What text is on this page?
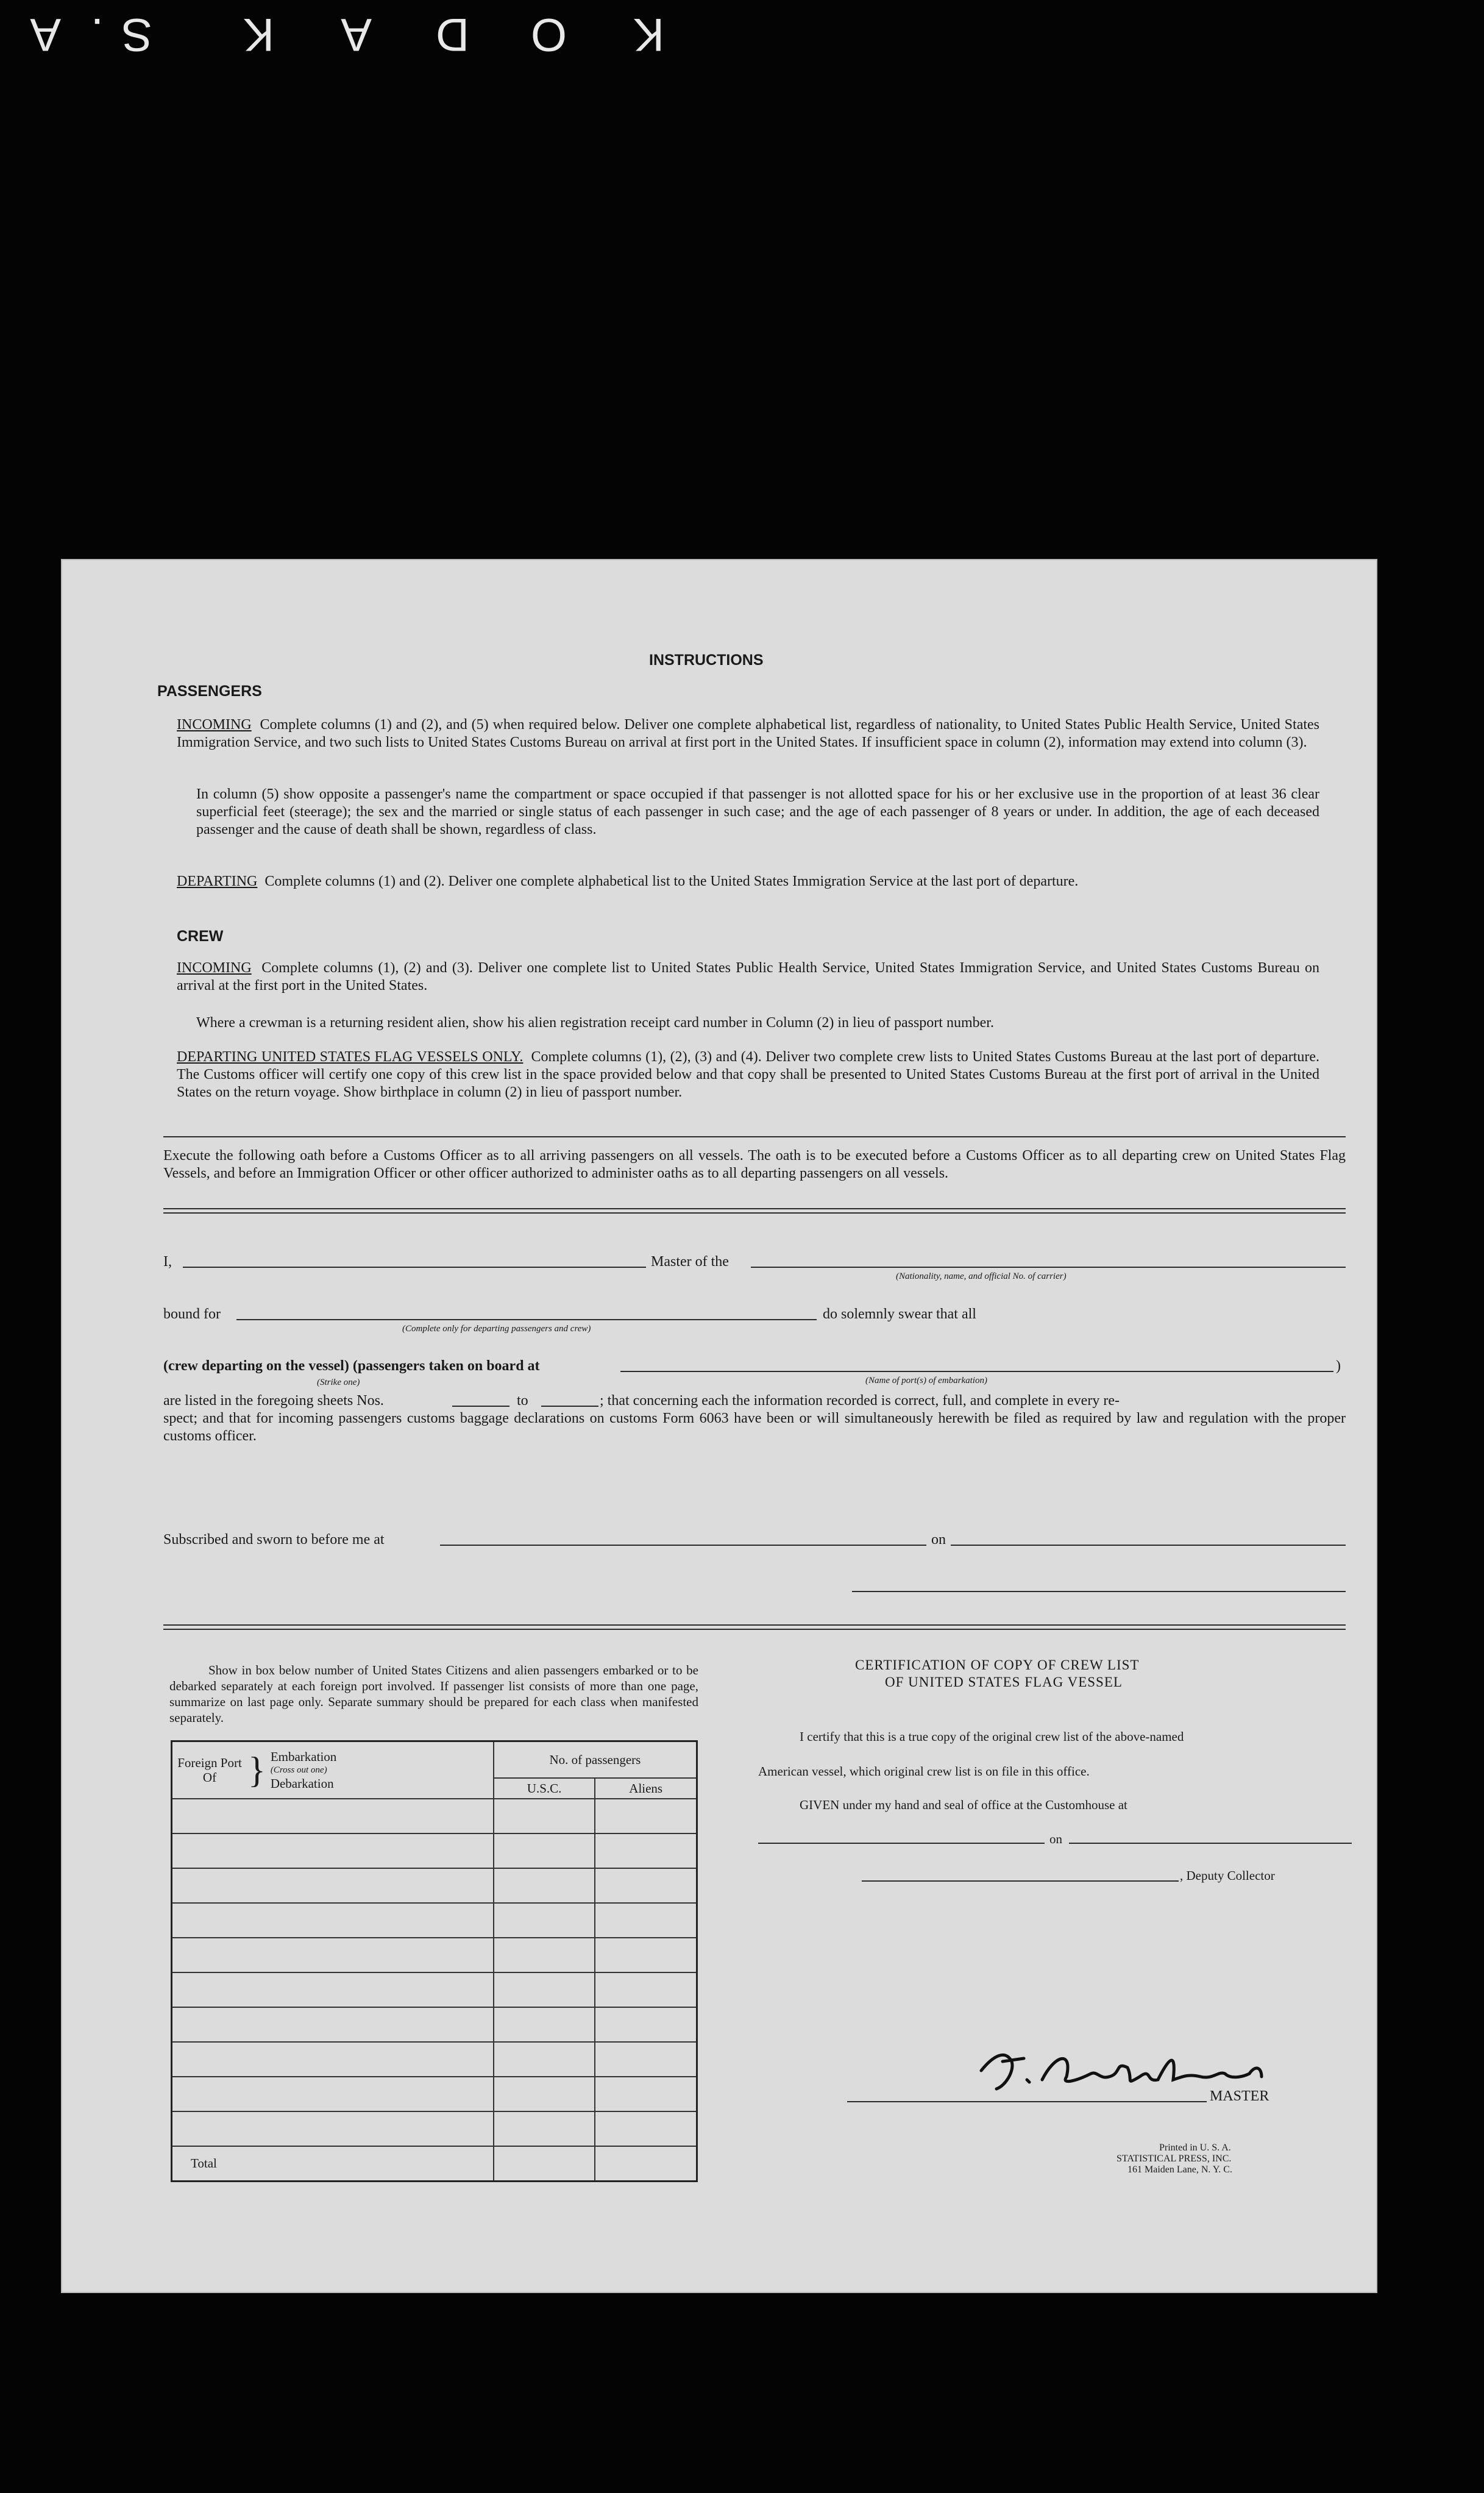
K
O
D
A
K
S
.
A
INSTRUCTIONS
PASSENGERS
INCOMING Complete columns (1) and (2), and (5) when required below. Deliver one complete alphabetical list, regardless of nationality, to United States Public Health Service, United States Immigration Service, and two such lists to United States Customs Bureau on arrival at first port in the United States. If insufficient space in column (2), information may extend into column (3).
In column (5) show opposite a passenger's name the compartment or space occupied if that passenger is not allotted space for his or her exclusive use in the proportion of at least 36 clear superficial feet (steerage); the sex and the married or single status of each passenger in such case; and the age of each passenger of 8 years or under. In addition, the age of each deceased passenger and the cause of death shall be shown, regardless of class.
DEPARTING Complete columns (1) and (2). Deliver one complete alphabetical list to the United States Immigration Service at the last port of departure.
CREW
INCOMING Complete columns (1), (2) and (3). Deliver one complete list to United States Public Health Service, United States Immigration Service, and United States Customs Bureau on arrival at the first port in the United States.
Where a crewman is a returning resident alien, show his alien registration receipt card number in Column (2) in lieu of passport number.
DEPARTING UNITED STATES FLAG VESSELS ONLY. Complete columns (1), (2), (3) and (4). Deliver two complete crew lists to United States Customs Bureau at the last port of departure. The Customs officer will certify one copy of this crew list in the space provided below and that copy shall be presented to United States Customs Bureau at the first port of arrival in the United States on the return voyage. Show birthplace in column (2) in lieu of passport number.
Execute the following oath before a Customs Officer as to all arriving passengers on all vessels. The oath is to be executed before a Customs Officer as to all departing crew on United States Flag Vessels, and before an Immigration Officer or other officer authorized to administer oaths as to all departing passengers on all vessels.
I,	Master of the
(Nationality, name, and official No. of carrier)
bound for
(Complete only for departing passengers and crew)
do solemnly swear that all
(crew departing on the vessel) (passengers taken on board at
(Strike one)	(Name of port(s) of embarkation)
)
are listed in the foregoing sheets Nos.	to	; that concerning each the information recorded is correct, full, and complete in every re-
spect; and that for incoming passengers customs baggage declarations on customs Form 6063 have been or will simultaneously herewith be filed as required by law and regulation with the proper customs officer.
MASTER
Subscribed and sworn to before me at	on
Show in box below number of United States Citizens and alien passengers embarked or to be debarked separately at each foreign port involved. If passenger list consists of more than one page, summarize on last page only. Separate summary should be prepared for each class when manifested separately.
Foreign Port Of } Embarkation
(Cross out one)
Debarkation	No. of passengers	
	U.S.C.	Aliens

Total		
CERTIFICATION OF COPY OF CREW LIST
OF UNITED STATES FLAG VESSEL
I certify that this is a true copy of the original crew list of the above-named
American vessel, which original crew list is on file in this office.
GIVEN under my hand and seal of office at the Customhouse at
on
, Deputy Collector
Printed in U. S. A.
STATISTICAL PRESS, INC.
161 Maiden Lane, N. Y. C.
